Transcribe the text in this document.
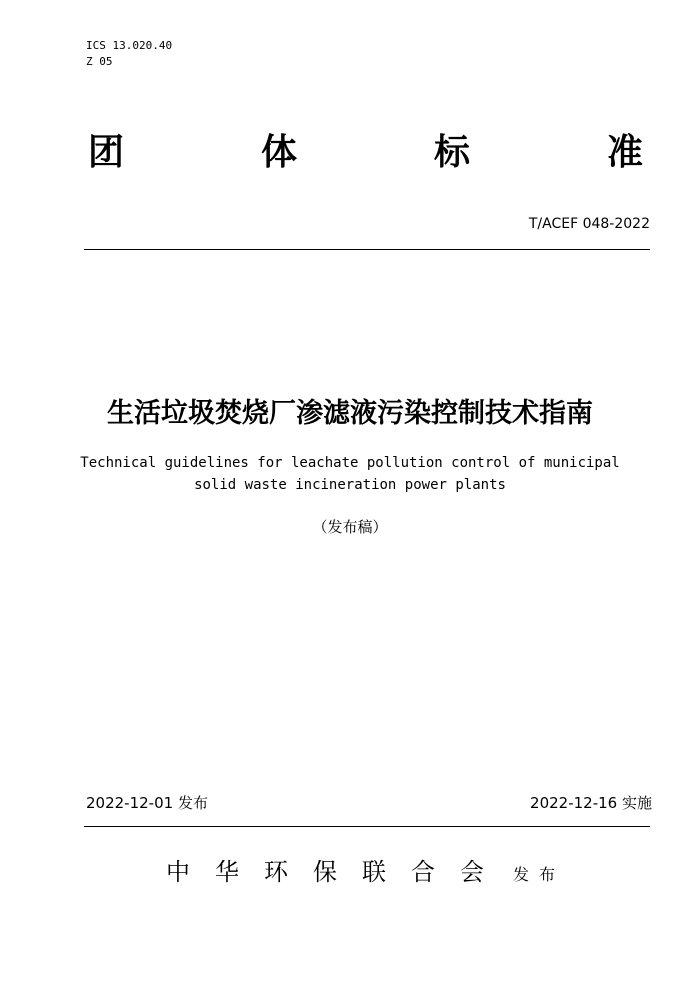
ICS 13.020.40
Z 05
团	体	标	准
T/ACEF 048-2022
生活垃圾焚烧厂渗滤液污染控制技术指南
Technical guidelines for leachate pollution control of municipal
solid waste incineration power plants
（发布稿）
2022-12-01 发布	2022-12-16 实施
中华环保联合会 发布
